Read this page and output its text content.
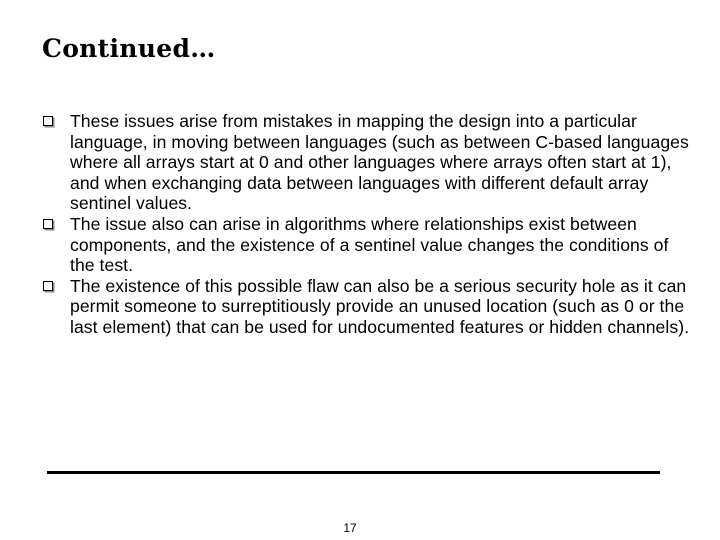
Continued…
These issues arise from mistakes in mapping the design into a particular language, in moving between languages (such as between C-based languages where all arrays start at 0 and other languages where arrays often start at 1), and when exchanging data between languages with different default array sentinel values.
The issue also can arise in algorithms where relationships exist between components, and the existence of a sentinel value changes the conditions of the test.
The existence of this possible flaw can also be a serious security hole as it can permit someone to surreptitiously provide an unused location (such as 0 or the last element) that can be used for undocumented features or hidden channels).
17
